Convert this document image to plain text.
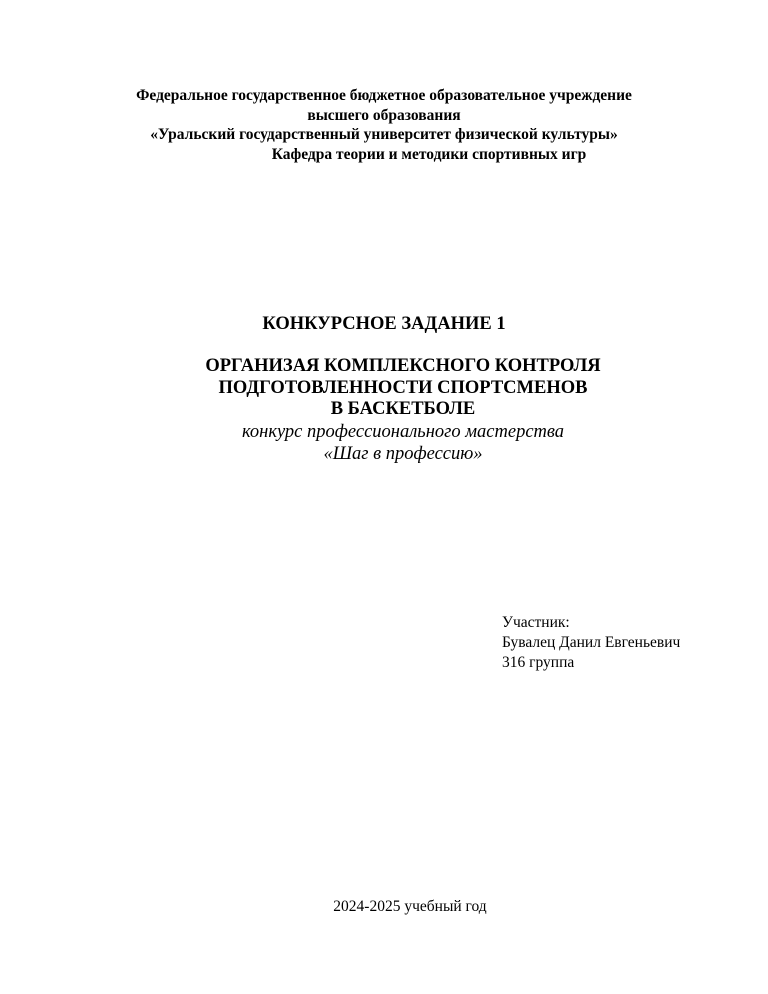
Федеральное государственное бюджетное образовательное учреждение
высшего образования
«Уральский государственный университет физической культуры»
Кафедра теории и методики спортивных игр
КОНКУРСНОЕ ЗАДАНИЕ 1
ОРГАНИЗАЯ КОМПЛЕКСНОГО КОНТРОЛЯ
ПОДГОТОВЛЕННОСТИ СПОРТСМЕНОВ
В БАСКЕТБОЛЕ
конкурс профессионального мастерства
«Шаг в профессию»
Участник:
Бувалец Данил Евгеньевич
316 группа
2024-2025 учебный год
